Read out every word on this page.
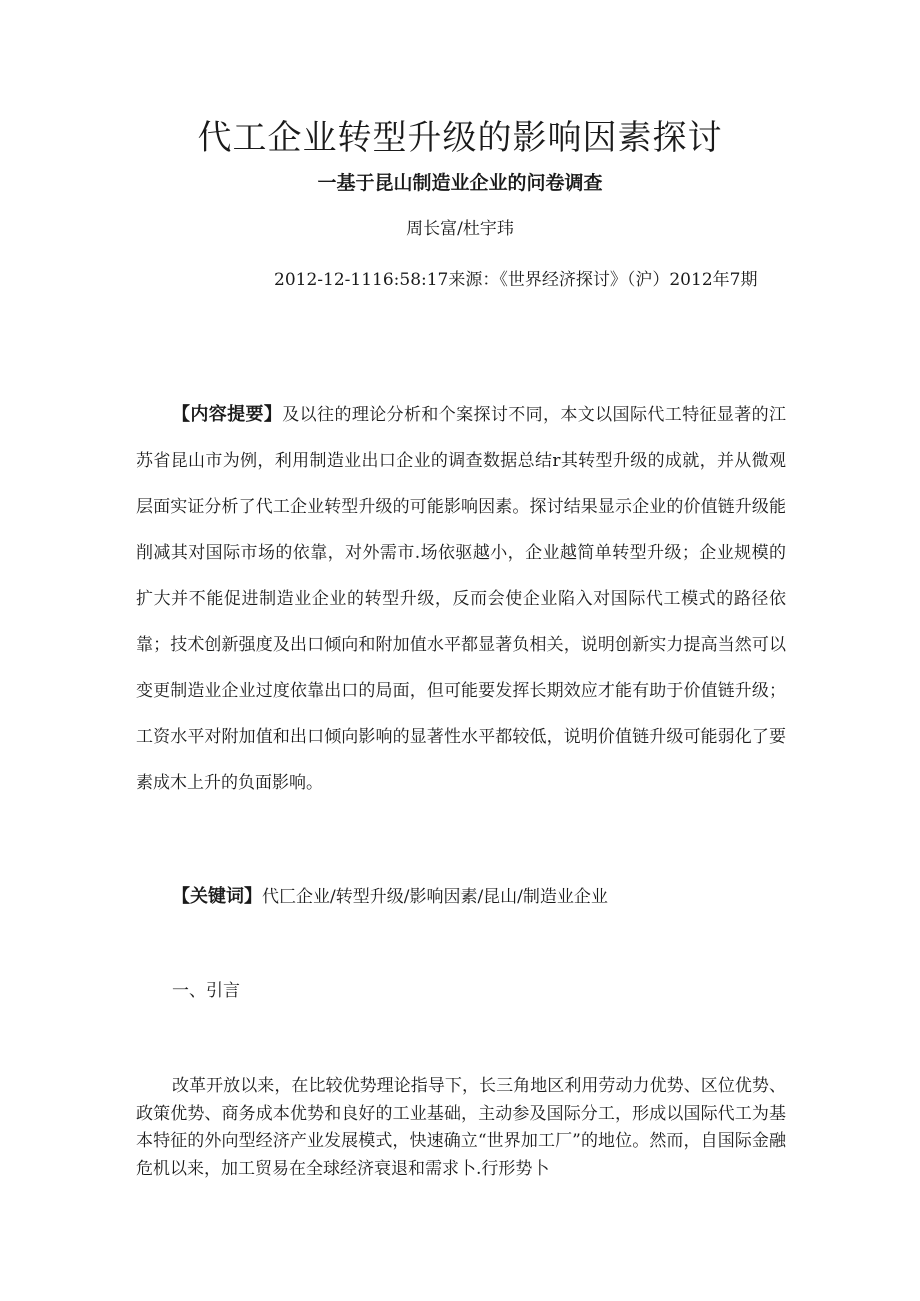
代工企业转型升级的影响因素探讨
一基于昆山制造业企业的问卷调查
周长富/杜宇玮
2012-12-1116:58:17来源：《世界经济探讨》（沪）2012年7期

【内容提要】及以往的理论分析和个案探讨不同，本文以国际代工特征显著的江苏省昆山市为例，利用制造业出口企业的调查数据总结r其转型升级的成就，并从微观层面实证分析了代工企业转型升级的可能影响因素。探讨结果显示企业的价值链升级能削减其对国际市场的依靠，对外需市.场依驱越小，企业越简单转型升级；企业规模的扩大并不能促进制造业企业的转型升级，反而会使企业陷入对国际代工模式的路径依靠；技术创新强度及出口倾向和附加值水平都显著负相关，说明创新实力提高当然可以变更制造业企业过度依靠出口的局面，但可能要发挥长期效应才能有助于价值链升级；工资水平对附加值和出口倾向影响的显著性水平都较低，说明价值链升级可能弱化了要素成木上升的负面影响。

【关键词】代匚企业/转型升级/影响因素/昆山/制造业企业
一、引言

改革开放以来，在比较优势理论指导下，长三角地区利用劳动力优势、区位优势、政策优势、商务成本优势和良好的工业基础，主动参及国际分工，形成以国际代工为基本特征的外向型经济产业发展模式，快速确立“世界加工厂”的地位。然而，自国际金融危机以来，加工贸易在全球经济衰退和需求卜.行形势卜
